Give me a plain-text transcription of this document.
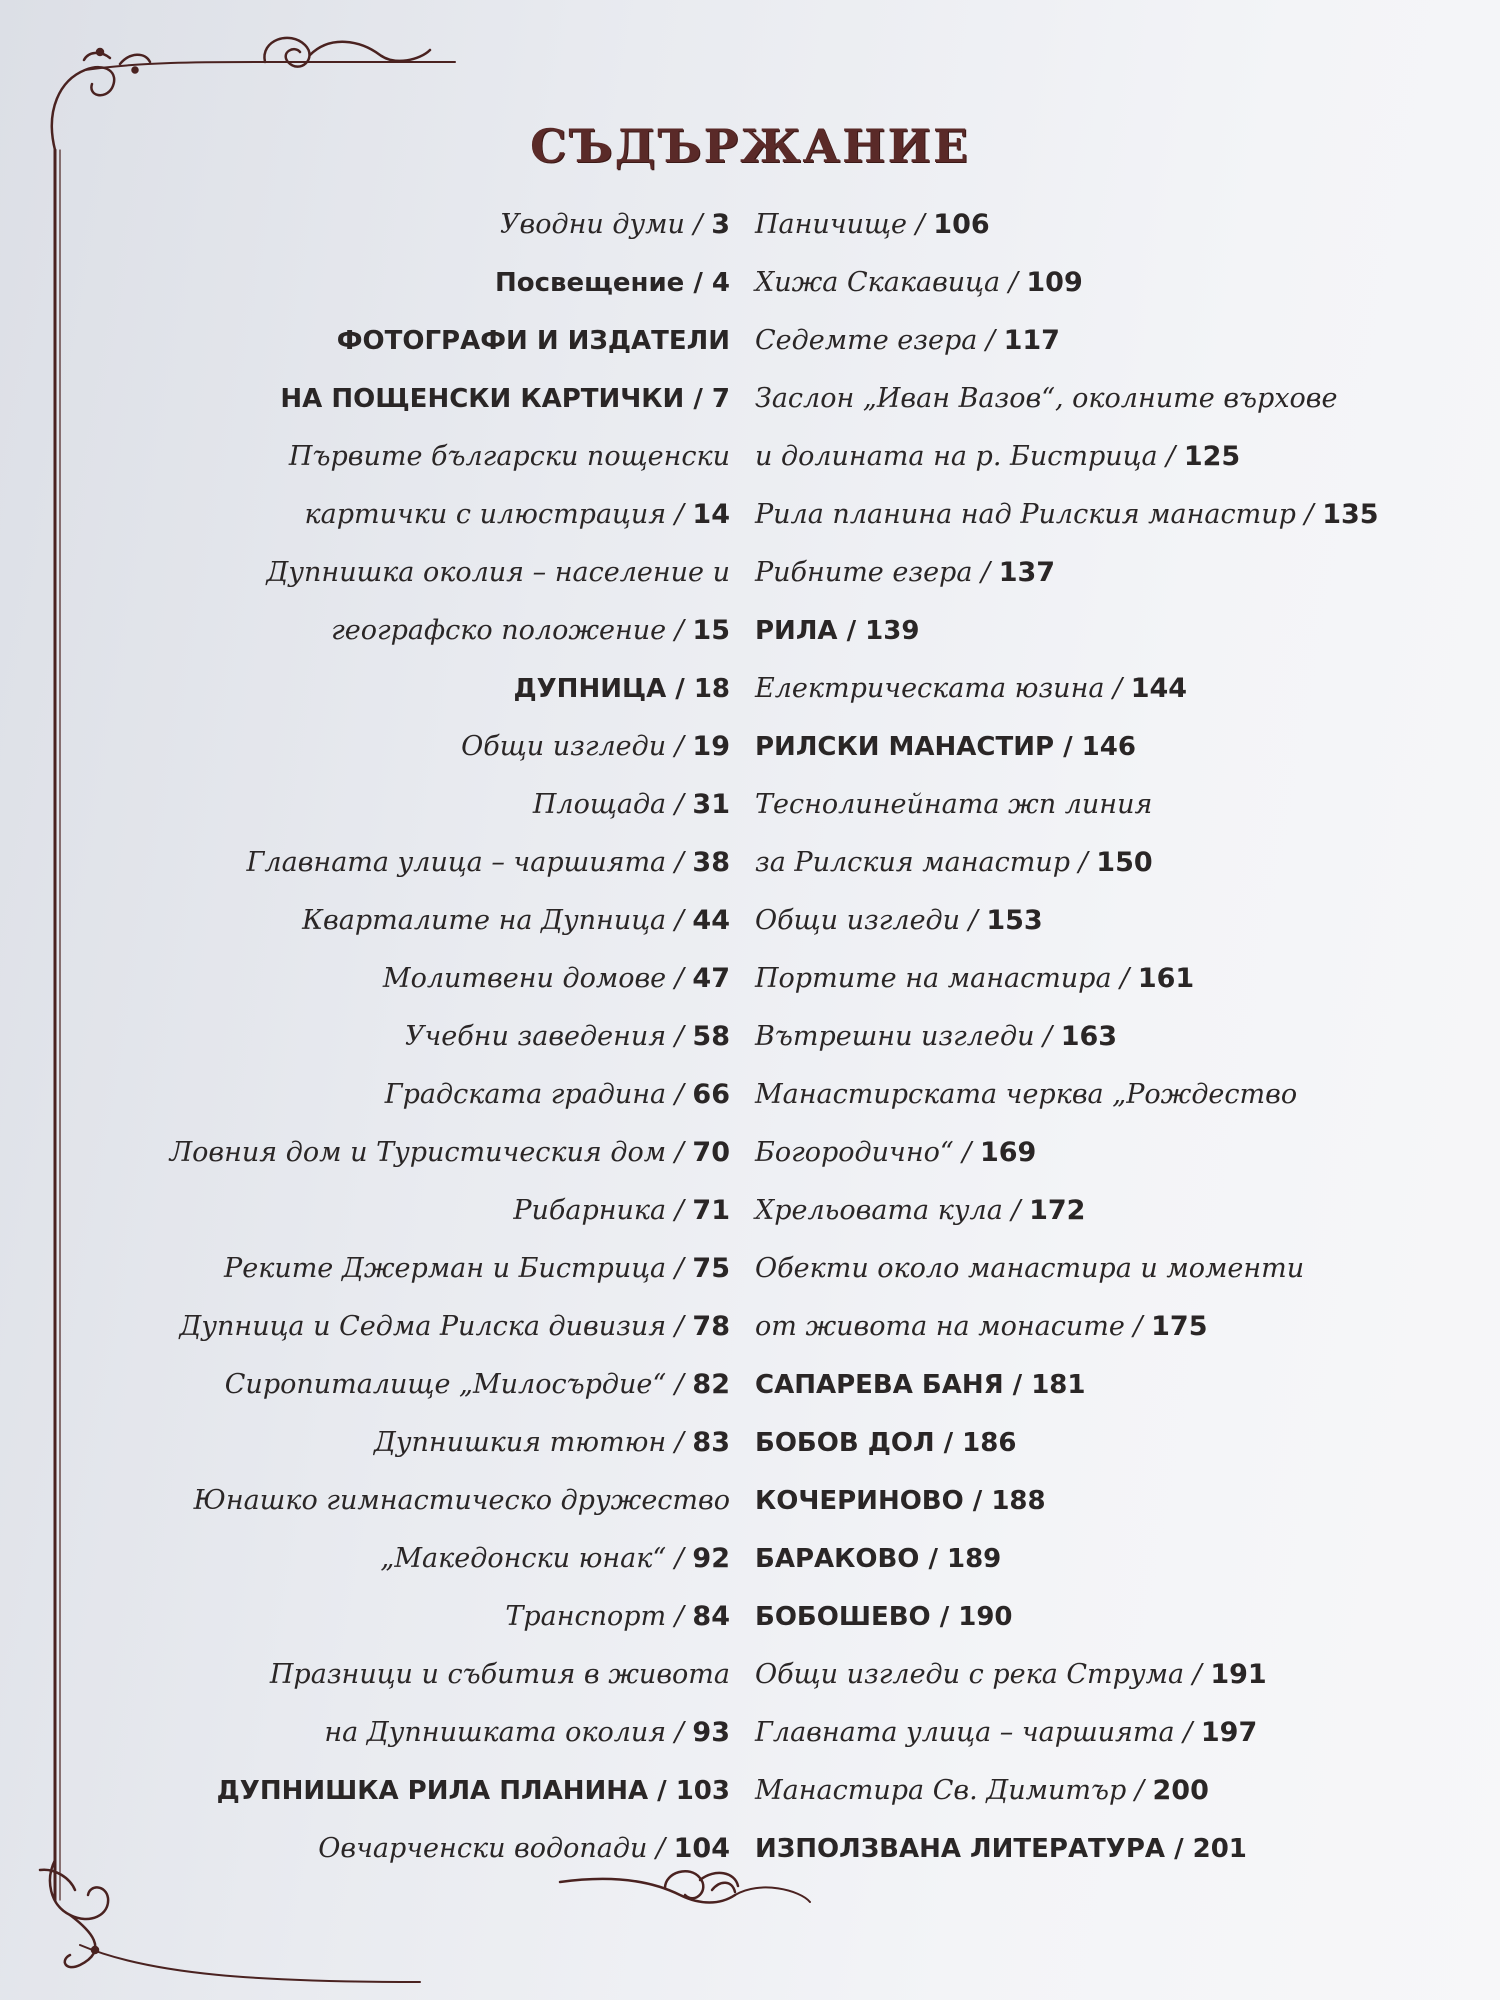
СЪДЪРЖАНИЕ
Уводни думи / 3
Посвещение / 4
ФОТОГРАФИ И ИЗДАТЕЛИ
НА ПОЩЕНСКИ КАРТИЧКИ / 7
Първите български пощенски
картички с илюстрация / 14
Дупнишка околия – население и
географско положение / 15
ДУПНИЦА / 18
Общи изгледи / 19
Площада / 31
Главната улица – чаршията / 38
Кварталите на Дупница / 44
Молитвени домове / 47
Учебни заведения / 58
Градската градина / 66
Ловния дом и Туристическия дом / 70
Рибарника / 71
Реките Джерман и Бистрица / 75
Дупница и Седма Рилска дивизия / 78
Сиропиталище „Милосърдие“ / 82
Дупнишкия тютюн / 83
Юнашко гимнастическо дружество
„Македонски юнак“ / 92
Транспорт / 84
Празници и събития в живота
на Дупнишката околия / 93
ДУПНИШКА РИЛА ПЛАНИНА / 103
Овчарченски водопади / 104
Паничище / 106
Хижа Скакавица / 109
Седемте езера / 117
Заслон „Иван Вазов“, околните върхове
и долината на р. Бистрица / 125
Рила планина над Рилския манастир / 135
Рибните езера / 137
РИЛА / 139
Електрическата юзина / 144
РИЛСКИ МАНАСТИР / 146
Теснолинейната жп линия
за Рилския манастир / 150
Общи изгледи / 153
Портите на манастира / 161
Вътрешни изгледи / 163
Манастирската черква „Рождество
Богородично“ / 169
Хрельовата кула / 172
Обекти около манастира и моменти
от живота на монасите / 175
САПАРЕВА БАНЯ / 181
БОБОВ ДОЛ / 186
КОЧЕРИНОВО / 188
БАРАКОВО / 189
БОБОШЕВО / 190
Общи изгледи с река Струма / 191
Главната улица – чаршията / 197
Манастира Св. Димитър / 200
ИЗПОЛЗВАНА ЛИТЕРАТУРА / 201
